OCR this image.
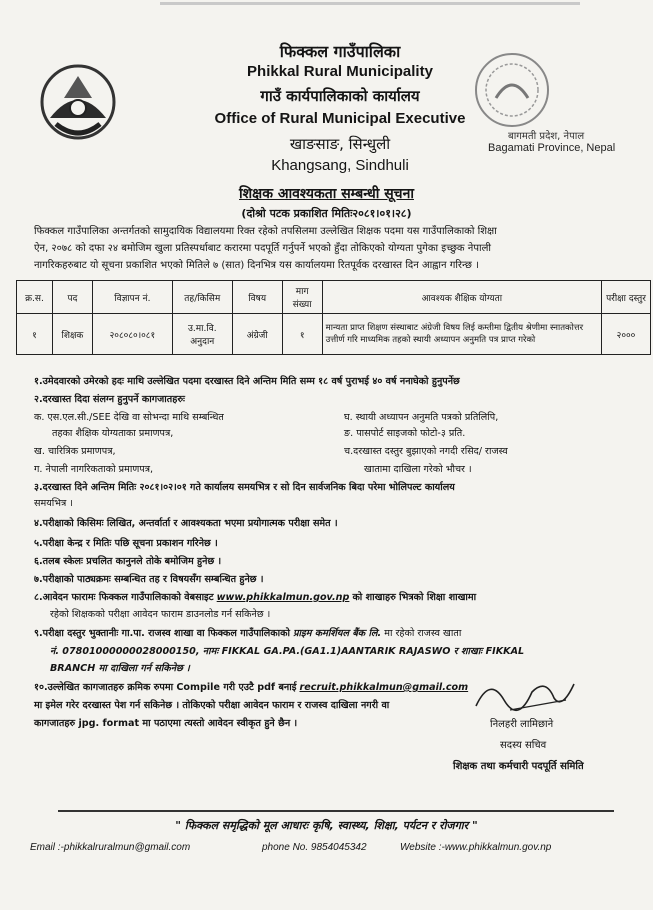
फिक्कल गाउँपालिका
Phikkal Rural Municipality
गाउँ कार्यपालिकाको कार्यालय
Office of Rural Municipal Executive
खाङसाङ, सिन्धुली
Khangsang, Sindhuli
बागमती प्रदेश, नेपाल
Bagamati Province, Nepal
शिक्षक आवश्यकता सम्बन्धी सूचना
(दोश्रो पटक प्रकाशित मितिः२०८१।०१।२८)
फिक्कल गाउँपालिका अन्तर्गतको सामुदायिक विद्यालयमा रिक्त रहेको तपसिलमा उल्लेखित शिक्षक पदमा यस गाउँपालिकाको शिक्षा
ऐन, २०७८ को दफा २४ बमोजिम खुला प्रतिस्पर्धाबाट करारमा पदपूर्ति गर्नुपर्ने भएको हुँदा तोकिएको योग्यता पुगेका इच्छुक नेपाली
नागरिकहरुबाट यो सूचना प्रकाशित भएको मितिले ७ (सात) दिनभित्र यस कार्यालयमा रितपूर्वक दरखास्त दिन आह्वान गरिन्छ ।
क्र.स.	पद	विज्ञापन नं.	तह/किसिम	विषय	माग संख्या	आवश्यक शैक्षिक योग्यता	परीक्षा दस्तुर
१	शिक्षक	२०८०८०।०८१	उ.मा.वि. अनुदान	अंग्रेजी	१	मान्यता प्राप्त शिक्षण संस्थाबाट अंग्रेजी विषय लिई कम्तीमा द्वितीय श्रेणीमा स्नातकोत्तर उत्तीर्ण गरि माध्यमिक तहको स्थायी अध्यापन अनुमति पत्र प्राप्त गरेको	२०००
१.उमेदवारको उमेरको हदः माथि उल्लेखित पदमा दरखास्त दिने अन्तिम मिति सम्म १८ वर्ष पुराभई ४० वर्ष ननाघेको हुनुपर्नेछ
२.दरखास्त दिदा संलग्न हुनुपर्ने कागजातहरुः
क. एस.एल.सी./SEE देखि वा सोभन्दा माथि सम्बन्धित
तहका शैक्षिक योग्यताका प्रमाणपत्र,
ख. चारित्रिक प्रमाणपत्र,
ग. नेपाली नागरिकताको प्रमाणपत्र,
घ. स्थायी अध्यापन अनुमति पत्रको प्रतिलिपि,
ङ. पासपोर्ट साइजको फोटो-३ प्रति.
च.दरखास्त दस्तुर बुझाएको नगदी रसिद/ राजस्व
खातामा दाखिला गरेको भौचर ।
३.दरखास्त दिने अन्तिम मितिः २०८१।०२।०१ गते कार्यालय समयभित्र र सो दिन सार्वजनिक बिदा परेमा भोलिपल्ट कार्यालय
समयभित्र ।
४.परीक्षाको किसिमः लिखित, अन्तर्वार्ता र आवश्यकता भएमा प्रयोगात्मक परीक्षा समेत ।
५.परीक्षा केन्द्र र मितिः पछि सूचना प्रकाशन गरिनेछ ।
६.तलब स्केलः प्रचलित कानुनले तोके बमोजिम हुनेछ ।
७.परीक्षाको पाठ्यक्रमः सम्बन्धित तह र विषयसँग सम्बन्धित हुनेछ ।
८.आवेदन फारामः फिक्कल गाउँपालिकाको वेबसाइट www.phikkalmun.gov.np को शाखाहरु भित्रको शिक्षा शाखामा
रहेको शिक्षकको परीक्षा आवेदन फाराम डाउनलोड गर्न सकिनेछ ।
९.परीक्षा दस्तुर भुक्तानीः गा.पा. राजस्व शाखा वा फिक्कल गाउँपालिकाको प्राइम कमर्शियल बैंक लि. मा रहेको राजस्व खाता
नं. 07801000000028000150, नामः FIKKAL GA.PA.(GA1.1)AANTARIK RAJASWO र शाखाः FIKKAL
BRANCH मा दाखिला गर्न सकिनेछ ।
१०.उल्लेखित कागजातहरु क्रमिक रुपमा Compile गरी एउटै pdf बनाई recruit.phikkalmun@gmail.com
मा इमेल गरेर दरखास्त पेश गर्न सकिनेछ । तोकिएको परीक्षा आवेदन फाराम र राजस्व दाखिला नगरी वा
कागजातहरु jpg. format मा पठाएमा त्यस्तो आवेदन स्वीकृत हुने छैन ।	निलहरी लामिछाने
सदस्य सचिव
शिक्षक तथा कर्मचारी पदपूर्ति समिति
" फिक्कल समृद्धिको मूल आधारः कृषि, स्वास्थ्य, शिक्षा, पर्यटन र रोजगार "
Email :-phikkalruralmun@gmail.com	phone No. 9854045342	Website :-www.phikkalmun.gov.np
